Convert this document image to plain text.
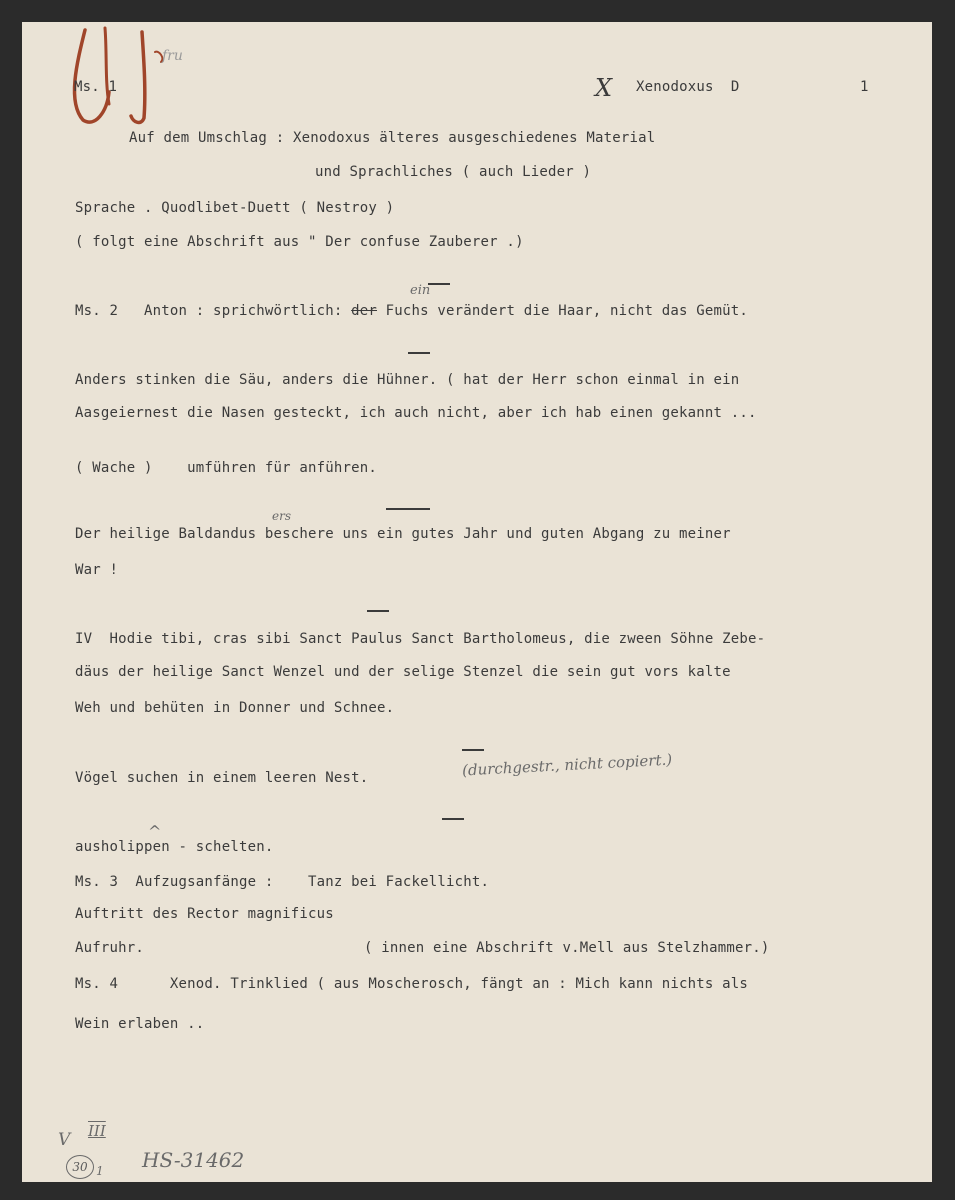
fru
Ms. 1	X Xenodoxus  D	1
Auf dem Umschlag : Xenodoxus älteres ausgeschiedenes Material
und Sprachliches ( auch Lieder )
Sprache . Quodlibet-Duett ( Nestroy )
( folgt eine Abschrift aus " Der confuse Zauberer .)
Ms. 2   Anton : sprichwörtlich: der Fuchs verändert die Haar, nicht das Gemüt.
ein
Anders stinken die Säu, anders die Hühner. ( hat der Herr schon einmal in ein
Aasgeiernest die Nasen gesteckt, ich auch nicht, aber ich hab einen gekannt ...
( Wache )    umführen für anführen.
Der heilige Baldandus beschere uns ein gutes Jahr und guten Abgang zu meiner
ers
War !
IV  Hodie tibi, cras sibi Sanct Paulus Sanct Bartholomeus, die zween Söhne Zebe-
däus der heilige Sanct Wenzel und der selige Stenzel die sein gut vors kalte
Weh und behüten in Donner und Schnee.
Vögel suchen in einem leeren Nest.	(durchgestr., nicht copiert.)
ausholippen - schelten.
^
Ms. 3  Aufzugsanfänge :    Tanz bei Fackellicht.
Auftritt des Rector magnificus
Aufruhr.	( innen eine Abschrift v.Mell aus Stelzhammer.)
Ms. 4      Xenod. Trinklied ( aus Moscherosch, fängt an : Mich kann nichts als
Wein erlaben ..
V III
30 1 HS-31462
